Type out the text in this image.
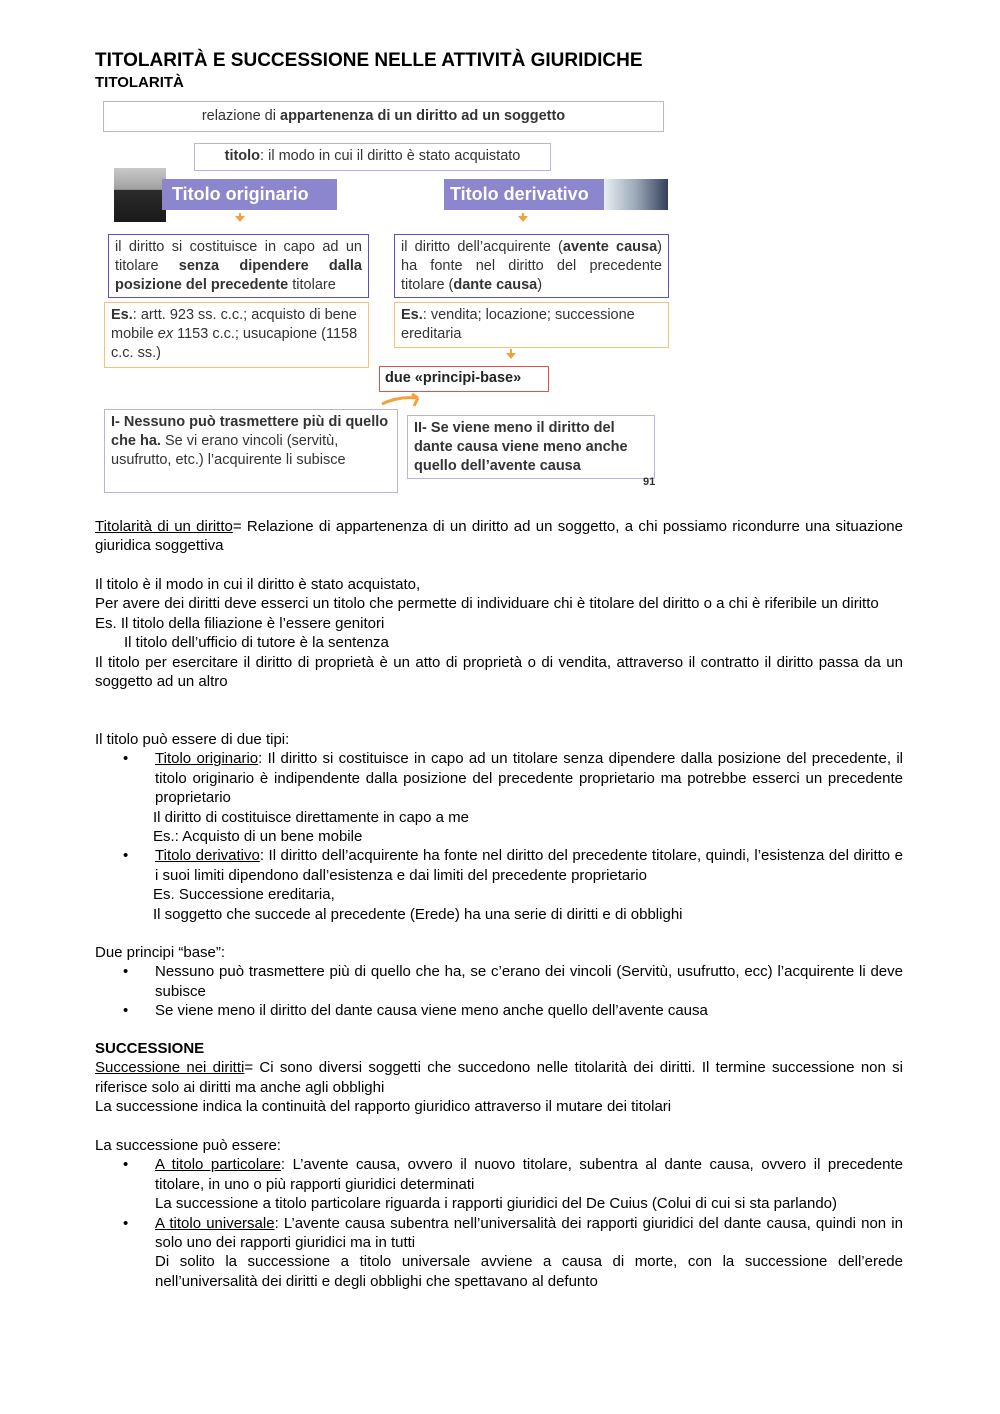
TITOLARITÀ E SUCCESSIONE NELLE ATTIVITÀ GIURIDICHE
TITOLARITÀ
relazione di appartenenza di un diritto ad un soggetto
titolo: il modo in cui il diritto è stato acquistato
Titolo originario	Titolo derivativo
il diritto si costituisce in capo ad un titolare senza dipendere dalla posizione del precedente titolare
il diritto dell’acquirente (avente causa) ha fonte nel diritto del precedente titolare (dante causa)
Es.: artt. 923 ss. c.c.; acquisto di bene mobile ex 1153 c.c.; usucapione (1158 c.c. ss.)
Es.: vendita; locazione; successione ereditaria
due «principi-base»
I- Nessuno può trasmettere più di quello che ha. Se vi erano vincoli (servitù, usufrutto, etc.) l’acquirente li subisce
II- Se viene meno il diritto del dante causa viene meno anche quello dell’avente causa
91
Titolarità di un diritto= Relazione di appartenenza di un diritto ad un soggetto, a chi possiamo ricondurre una situazione giuridica soggettiva
Il titolo è il modo in cui il diritto è stato acquistato,
Per avere dei diritti deve esserci un titolo che permette di individuare chi è titolare del diritto o a chi è riferibile un diritto
Es. Il titolo della filiazione è l’essere genitori
Il titolo dell’ufficio di tutore è la sentenza
Il titolo per esercitare il diritto di proprietà è un atto di proprietà o di vendita, attraverso il contratto il diritto passa da un soggetto ad un altro
Il titolo può essere di due tipi:
• Titolo originario: Il diritto si costituisce in capo ad un titolare senza dipendere dalla posizione del precedente, il titolo originario è indipendente dalla posizione del precedente proprietario ma potrebbe esserci un precedente proprietario
Il diritto di costituisce direttamente in capo a me
Es.: Acquisto di un bene mobile
• Titolo derivativo: Il diritto dell’acquirente ha fonte nel diritto del precedente titolare, quindi, l’esistenza del diritto e i suoi limiti dipendono dall’esistenza e dai limiti del precedente proprietario
Es. Successione ereditaria,
Il soggetto che succede al precedente (Erede) ha una serie di diritti e di obblighi
Due principi “base”:
• Nessuno può trasmettere più di quello che ha, se c’erano dei vincoli (Servitù, usufrutto, ecc) l’acquirente li deve subisce
• Se viene meno il diritto del dante causa viene meno anche quello dell’avente causa
SUCCESSIONE
Successione nei diritti= Ci sono diversi soggetti che succedono nelle titolarità dei diritti. Il termine successione non si riferisce solo ai diritti ma anche agli obblighi
La successione indica la continuità del rapporto giuridico attraverso il mutare dei titolari
La successione può essere:
• A titolo particolare: L’avente causa, ovvero il nuovo titolare, subentra al dante causa, ovvero il precedente titolare, in uno o più rapporti giuridici determinati
La successione a titolo particolare riguarda i rapporti giuridici del De Cuius (Colui di cui si sta parlando)
• A titolo universale: L’avente causa subentra nell’universalità dei rapporti giuridici del dante causa, quindi non in solo uno dei rapporti giuridici ma in tutti
Di solito la successione a titolo universale avviene a causa di morte, con la successione dell’erede nell’universalità dei diritti e degli obblighi che spettavano al defunto
